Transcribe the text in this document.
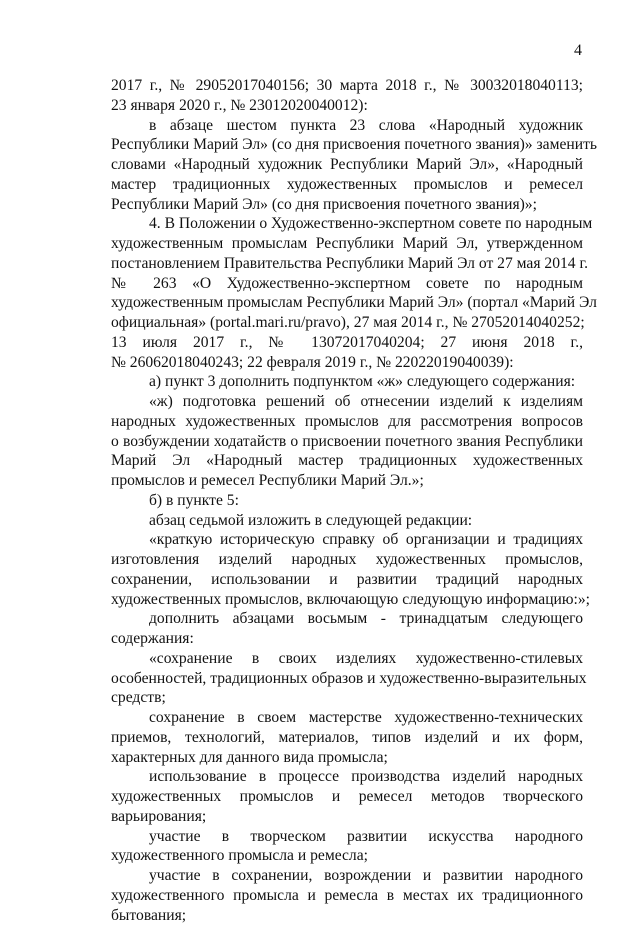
4
2017 г., № 29052017040156; 30 марта 2018 г., № 30032018040113;
23 января 2020 г., № 23012020040012):
в абзаце шестом пункта 23 слова «Народный художник
Республики Марий Эл» (со дня присвоения почетного звания)» заменить
словами «Народный художник Республики Марий Эл», «Народный
мастер традиционных художественных промыслов и ремесел
Республики Марий Эл» (со дня присвоения почетного звания)»;
4. В Положении о Художественно-экспертном совете по народным
художественным промыслам Республики Марий Эл, утвержденном
постановлением Правительства Республики Марий Эл от 27 мая 2014 г.
№ 263 «О Художественно-экспертном совете по народным
художественным промыслам Республики Марий Эл» (портал «Марий Эл
официальная» (portal.mari.ru/pravo), 27 мая 2014 г., № 27052014040252;
13 июля 2017 г., № 13072017040204; 27 июня 2018 г.,
№ 26062018040243; 22 февраля 2019 г., № 22022019040039):
а) пункт 3 дополнить подпунктом «ж» следующего содержания:
«ж) подготовка решений об отнесении изделий к изделиям
народных художественных промыслов для рассмотрения вопросов
о возбуждении ходатайств о присвоении почетного звания Республики
Марий Эл «Народный мастер традиционных художественных
промыслов и ремесел Республики Марий Эл.»;
б) в пункте 5:
абзац седьмой изложить в следующей редакции:
«краткую историческую справку об организации и традициях
изготовления изделий народных художественных промыслов,
сохранении, использовании и развитии традиций народных
художественных промыслов, включающую следующую информацию:»;
дополнить абзацами восьмым - тринадцатым следующего
содержания:
«сохранение в своих изделиях художественно-стилевых
особенностей, традиционных образов и художественно-выразительных
средств;
сохранение в своем мастерстве художественно-технических
приемов, технологий, материалов, типов изделий и их форм,
характерных для данного вида промысла;
использование в процессе производства изделий народных
художественных промыслов и ремесел методов творческого
варьирования;
участие в творческом развитии искусства народного
художественного промысла и ремесла;
участие в сохранении, возрождении и развитии народного
художественного промысла и ремесла в местах их традиционного
бытования;
